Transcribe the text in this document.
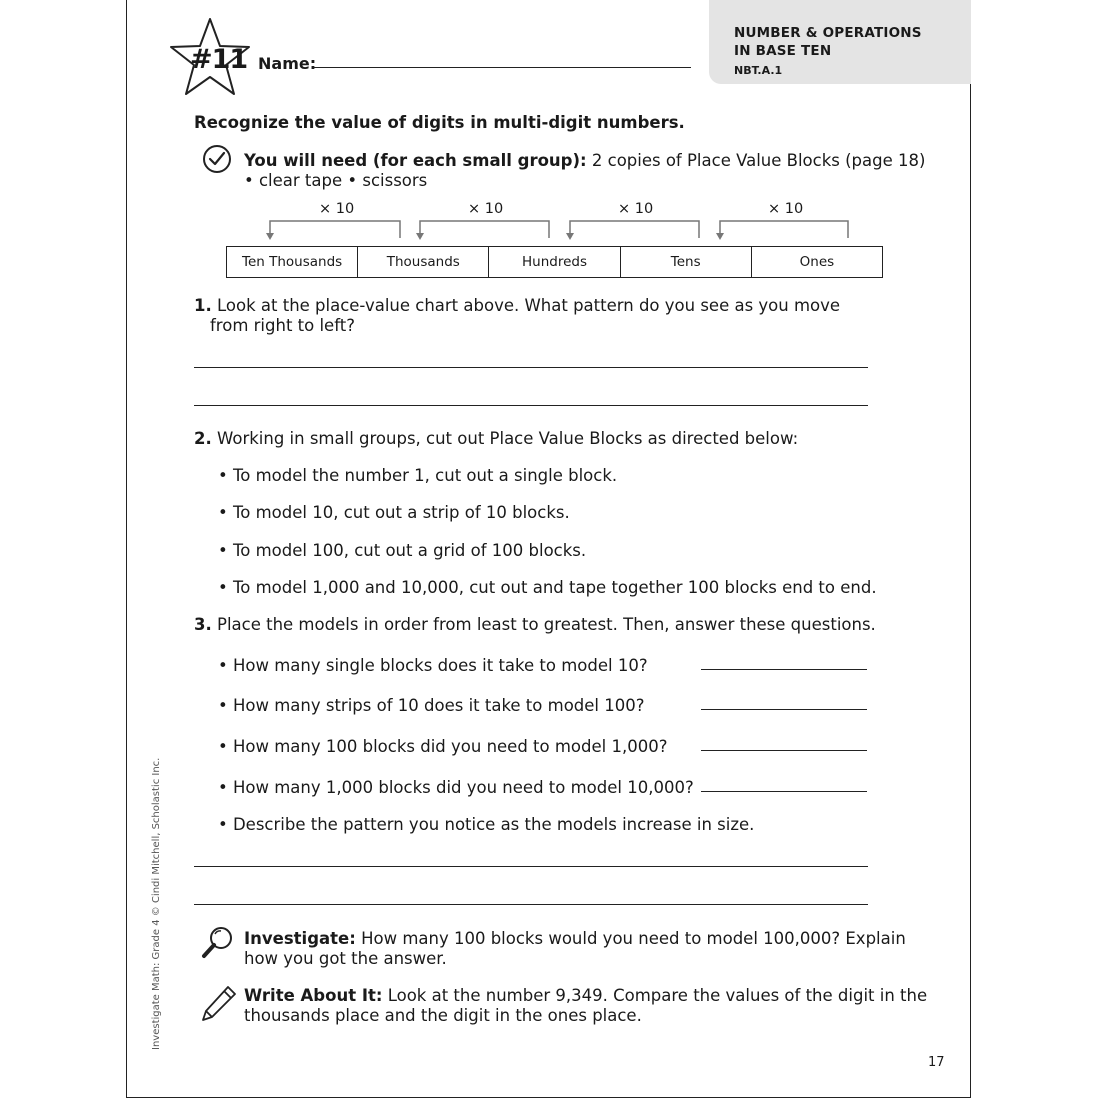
NUMBER & OPERATIONS
IN BASE TEN
NBT.A.1
#11 Name:
Recognize the value of digits in multi-digit numbers.
You will need (for each small group): 2 copies of Place Value Blocks (page 18)
• clear tape • scissors
× 10	× 10	× 10	× 10
Ten Thousands	Thousands	Hundreds	Tens	Ones
1. Look at the place-value chart above. What pattern do you see as you move
from right to left?
2. Working in small groups, cut out Place Value Blocks as directed below:
• To model the number 1, cut out a single block.
• To model 10, cut out a strip of 10 blocks.
• To model 100, cut out a grid of 100 blocks.
• To model 1,000 and 10,000, cut out and tape together 100 blocks end to end.
3. Place the models in order from least to greatest. Then, answer these questions.
• How many single blocks does it take to model 10?
• How many strips of 10 does it take to model 100?
• How many 100 blocks did you need to model 1,000?
• How many 1,000 blocks did you need to model 10,000?
• Describe the pattern you notice as the models increase in size.
Investigate: How many 100 blocks would you need to model 100,000? Explain
how you got the answer.
Write About It: Look at the number 9,349. Compare the values of the digit in the
thousands place and the digit in the ones place.
Investigate Math: Grade 4 © Cindi Mitchell, Scholastic Inc.
17
